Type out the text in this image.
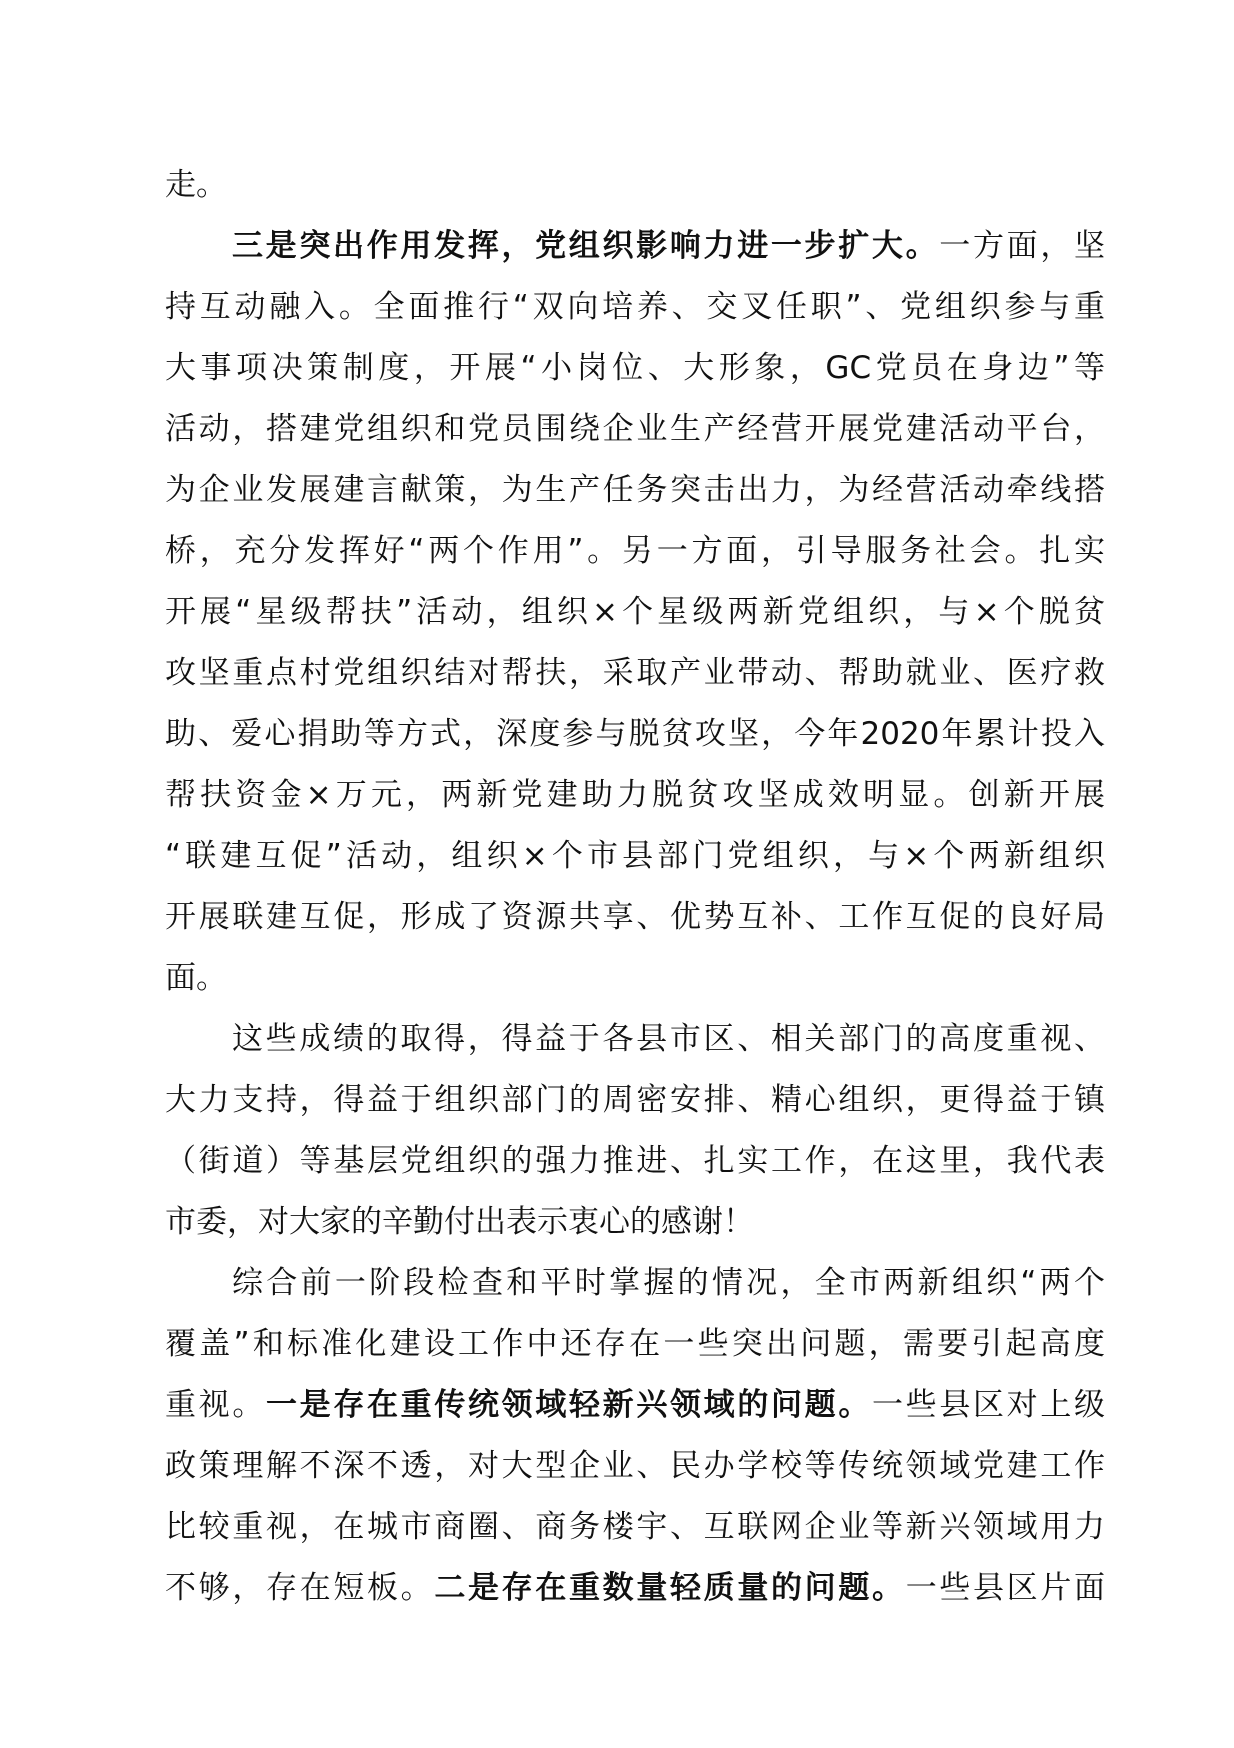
走。
三是突出作用发挥，党组织影响力进一步扩大。一方面，坚
持互动融入。全面推行“双向培养、交叉任职”、党组织参与重
大事项决策制度，开展“小岗位、大形象，GC党员在身边”等
活动，搭建党组织和党员围绕企业生产经营开展党建活动平台，
为企业发展建言献策，为生产任务突击出力，为经营活动牵线搭
桥，充分发挥好“两个作用”。另一方面，引导服务社会。扎实
开展“星级帮扶”活动，组织×个星级两新党组织，与×个脱贫
攻坚重点村党组织结对帮扶，采取产业带动、帮助就业、医疗救
助、爱心捐助等方式，深度参与脱贫攻坚，今年2020年累计投入
帮扶资金×万元，两新党建助力脱贫攻坚成效明显。创新开展
“联建互促”活动，组织×个市县部门党组织，与×个两新组织
开展联建互促，形成了资源共享、优势互补、工作互促的良好局
面。
这些成绩的取得，得益于各县市区、相关部门的高度重视、
大力支持，得益于组织部门的周密安排、精心组织，更得益于镇
（街道）等基层党组织的强力推进、扎实工作，在这里，我代表
市委，对大家的辛勤付出表示衷心的感谢！
综合前一阶段检查和平时掌握的情况，全市两新组织“两个
覆盖”和标准化建设工作中还存在一些突出问题，需要引起高度
重视。一是存在重传统领域轻新兴领域的问题。一些县区对上级
政策理解不深不透，对大型企业、民办学校等传统领域党建工作
比较重视，在城市商圈、商务楼宇、互联网企业等新兴领域用力
不够，存在短板。二是存在重数量轻质量的问题。一些县区片面
